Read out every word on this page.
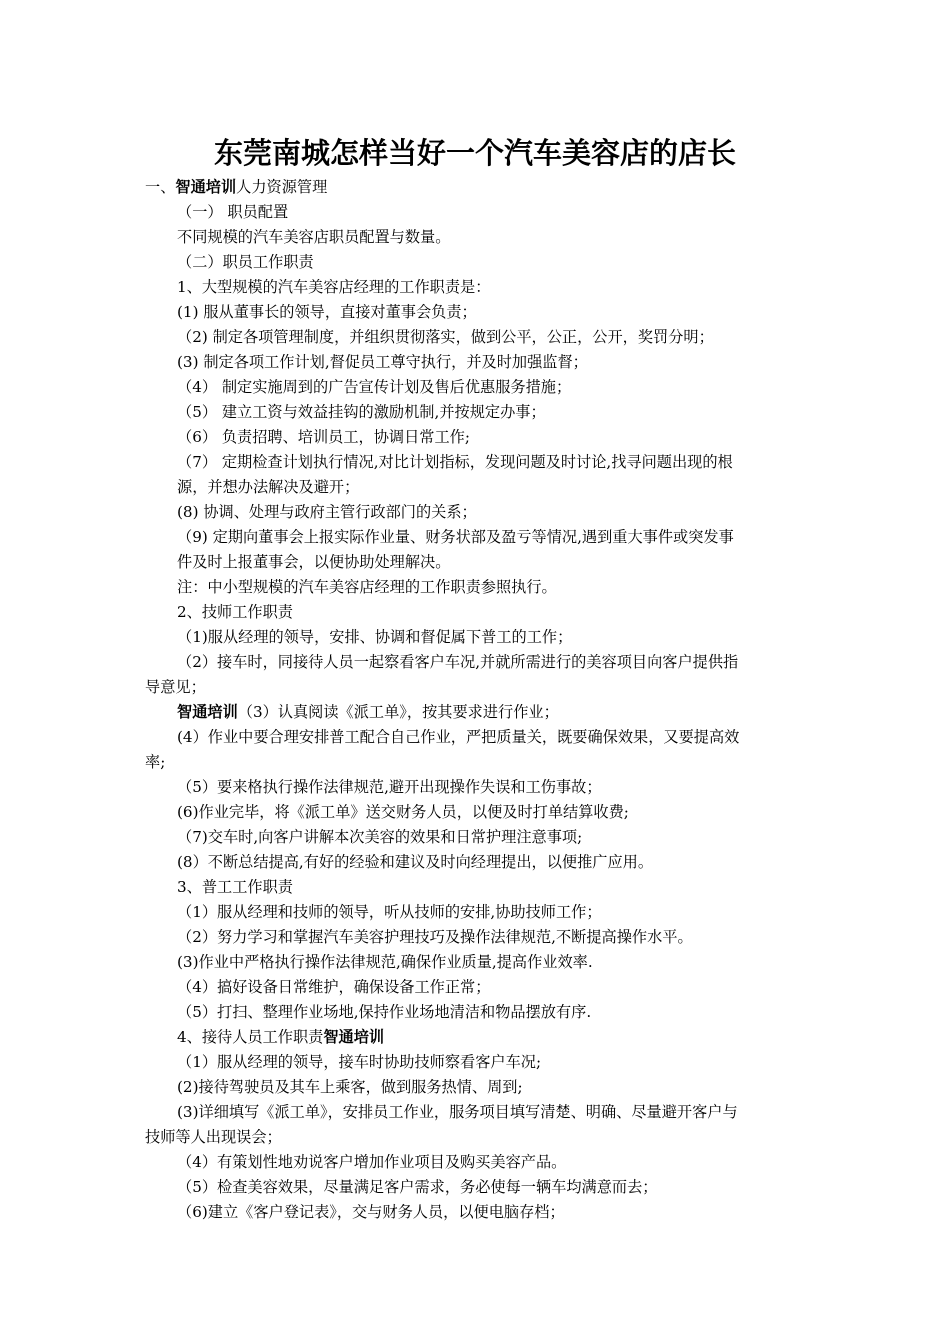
东莞南城怎样当好一个汽车美容店的店长
一、智通培训人力资源管理
（一） 职员配置
不同规模的汽车美容店职员配置与数量。
（二）职员工作职责
1、大型规模的汽车美容店经理的工作职责是：
(1) 服从董事长的领导，直接对董事会负责；
（2) 制定各项管理制度，并组织贯彻落实，做到公平，公正，公开，奖罚分明；
(3) 制定各项工作计划,督促员工尊守执行，并及时加强监督；
（4） 制定实施周到的广告宣传计划及售后优惠服务措施；
（5） 建立工资与效益挂钩的激励机制,并按规定办事；
（6） 负责招聘、培训员工，协调日常工作;
（7） 定期检查计划执行情况,对比计划指标，发现问题及时讨论,找寻问题出现的根
源，并想办法解决及避开；
(8) 协调、处理与政府主管行政部门的关系；
（9) 定期向董事会上报实际作业量、财务状部及盈亏等情况,遇到重大事件或突发事
件及时上报董事会，以便协助处理解决。
注：中小型规模的汽车美容店经理的工作职责参照执行。
2、技师工作职责
（1)服从经理的领导，安排、协调和督促属下普工的工作；
（2）接车时，同接待人员一起察看客户车况,并就所需进行的美容项目向客户提供指
导意见；
智通培训（3）认真阅读《派工单》，按其要求进行作业；
(4）作业中要合理安排普工配合自己作业，严把质量关，既要确保效果，又要提高效
率;
（5）要来格执行操作法律规范,避开出现操作失误和工伤事故；
(6)作业完毕，将《派工单》送交财务人员，以便及时打单结算收费;
（7)交车时,向客户讲解本次美容的效果和日常护理注意事项;
(8）不断总结提高,有好的经验和建议及时向经理提出，以便推广应用。
3、普工工作职责
（1）服从经理和技师的领导，听从技师的安排,协助技师工作；
（2）努力学习和掌握汽车美容护理技巧及操作法律规范,不断提高操作水平。
(3)作业中严格执行操作法律规范,确保作业质量,提高作业效率.
（4）搞好设备日常维护，确保设备工作正常；
（5）打扫、整理作业场地,保持作业场地清洁和物品摆放有序.
4、接待人员工作职责智通培训
（1）服从经理的领导，接车时协助技师察看客户车况;
(2)接待驾驶员及其车上乘客，做到服务热情、周到;
(3)详细填写《派工单》，安排员工作业，服务项目填写清楚、明确、尽量避开客户与
技师等人出现误会；
（4）有策划性地劝说客户增加作业项目及购买美容产品。
（5）检查美容效果，尽量满足客户需求，务必使每一辆车均满意而去；
（6)建立《客户登记表》，交与财务人员，以便电脑存档；
